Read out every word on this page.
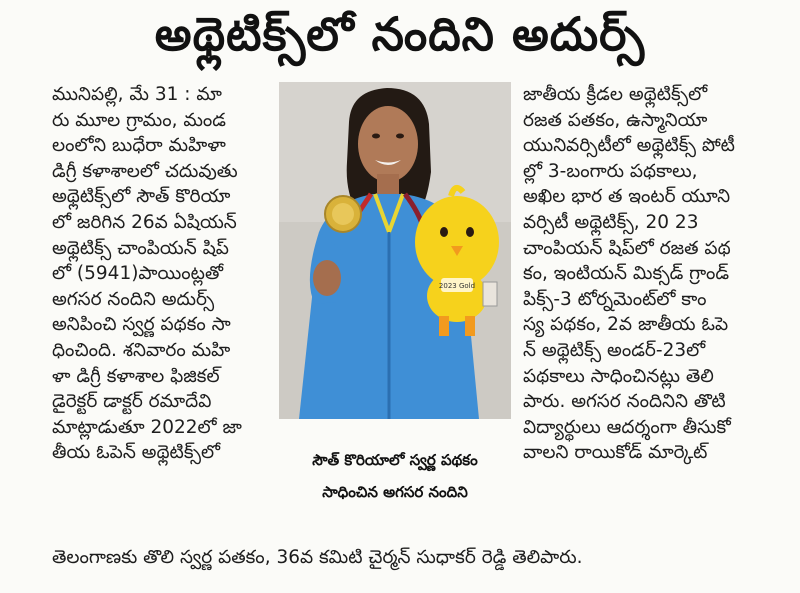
అథ్లెటిక్స్‌లో నందిని అదుర్స్
మునిపల్లి, మే 31 : మా
రు మూల గ్రామం, మండ
లంలోని బుధేరా మహిళా
డిగ్రీ కళాశాలలో చదువుతు
అథ్లెటిక్స్‌లో సౌత్ కొరియా
లో జరిగిన 26వ ఏషియన్
అథ్లెటిక్స్ చాంపియన్ షిప్
లో (5941)పాయింట్లతో
అగసర నందిని అదుర్స్
అనిపించి స్వర్ణ పథకం సా
ధించింది. శనివారం మహి
ళా డిగ్రీ కళాశాల ఫిజికల్
డైరెక్టర్ డాక్టర్ రమాదేవి
మాట్లాడుతూ 2022లో జా
తీయ ఓపెన్ అథ్లెటిక్స్‌లో
2023 Gold
సౌత్ కొరియాలో స్వర్ణ పథకం
సాధించిన అగసర నందిని
జాతీయ క్రీడల అథ్లెటిక్స్‌లో
రజత పతకం, ఉస్మానియా
యునివర్సిటీలో అథ్లెటిక్స్ పోటీ
ల్లో 3-బంగారు పథకాలు,
అఖిల భార త ఇంటర్ యూని
వర్సిటీ అథ్లెటిక్స్, 20 23
చాంపియన్ షిప్‌లో రజత పథ
కం, ఇంటియన్ మిక్సడ్ గ్రాండ్
పిక్స్-3 టోర్నమెంట్‌లో కాం
స్య పథకం, 2వ జాతీయ ఓపె
న్ అథ్లెటిక్స్ అండర్-23లో
పథకాలు సాధించినట్లు తెలి
పారు. అగసర నందినిని తొటి
విద్యార్థులు ఆదర్శంగా తీసుకో
వాలని రాయికోడ్ మార్కెట్
తెలంగాణకు తొలి స్వర్ణ పతకం, 36వ కమిటి చైర్మన్ సుధాకర్ రెడ్డి తెలిపారు.
